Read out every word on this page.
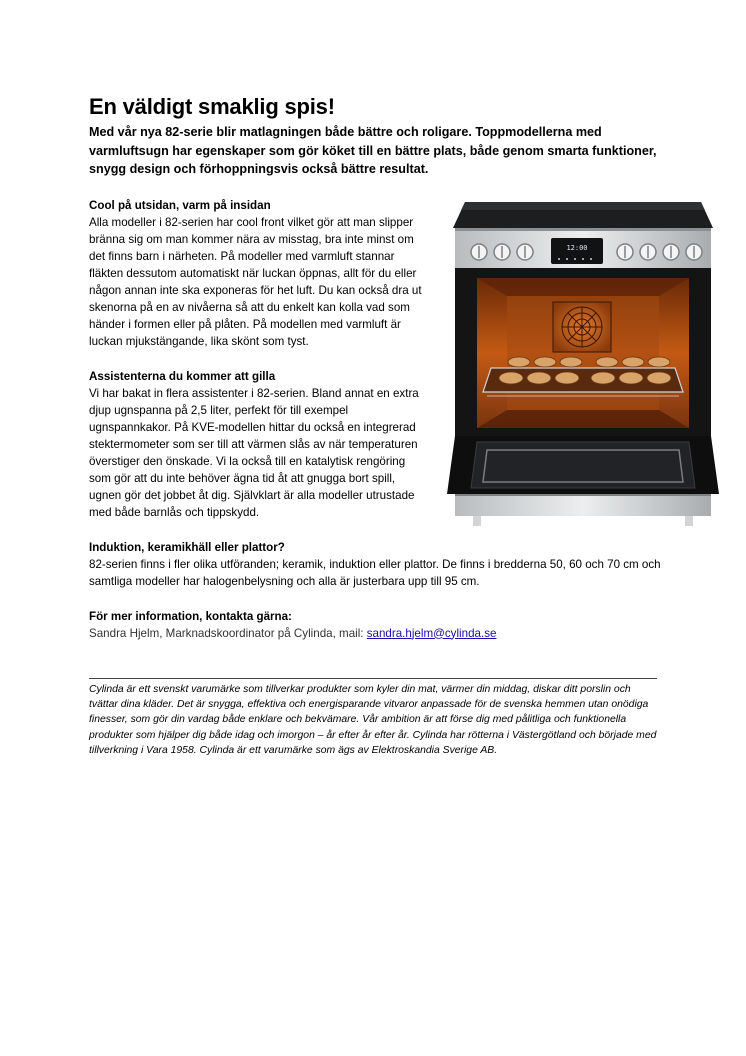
En väldigt smaklig spis!

Med vår nya 82-serie blir matlagningen både bättre och roligare. Toppmodellerna med varmluftsugn har egenskaper som gör köket till en bättre plats, både genom smarta funktioner, snygg design och förhoppningsvis också bättre resultat.

Cool på utsidan, varm på insidan

Alla modeller i 82-serien har cool front vilket gör att man slipper bränna sig om man kommer nära av misstag, bra inte minst om det finns barn i närheten. På modeller med varmluft stannar fläkten dessutom automatiskt när luckan öppnas, allt för du eller någon annan inte ska exponeras för het luft. Du kan också dra ut skenorna på en av nivåerna så att du enkelt kan kolla vad som händer i formen eller på plåten. På modellen med varmluft är luckan mjukstängande, lika skönt som tyst.

Assistenterna du kommer att gilla

Vi har bakat in flera assistenter i 82-serien. Bland annat en extra djup ugnspanna på 2,5 liter, perfekt för till exempel ugnspannkakor. På KVE-modellen hittar du också en integrerad stektermometer som ser till att värmen slås av när temperaturen överstiger den önskade. Vi la också till en katalytisk rengöring som gör att du inte behöver ägna tid åt att gnugga bort spill, ugnen gör det jobbet åt dig. Självklart är alla modeller utrustade med både barnlås och tippskydd.

Induktion, keramikhäll eller plattor?

82-serien finns i fler olika utföranden; keramik, induktion eller plattor. De finns i bredderna 50, 60 och 70 cm och samtliga modeller har halogenbelysning och alla är justerbara upp till 95 cm.

För mer information, kontakta gärna:

Sandra Hjelm, Marknadskoordinator på Cylinda, mail: sandra.hjelm@cylinda.se

Cylinda är ett svenskt varumärke som tillverkar produkter som kyler din mat, värmer din middag, diskar ditt porslin och tvättar dina kläder. Det är snygga, effektiva och energisparande vitvaror anpassade för de svenska hemmen utan onödiga finesser, som gör din vardag både enklare och bekvämare. Vår ambition är att förse dig med pålitliga och funktionella produkter som hjälper dig både idag och imorgon – år efter år efter år. Cylinda har rötterna i Västergötland och började med tillverkning i Vara 1958. Cylinda är ett varumärke som ägs av Elektroskandia Sverige AB.

12:00
